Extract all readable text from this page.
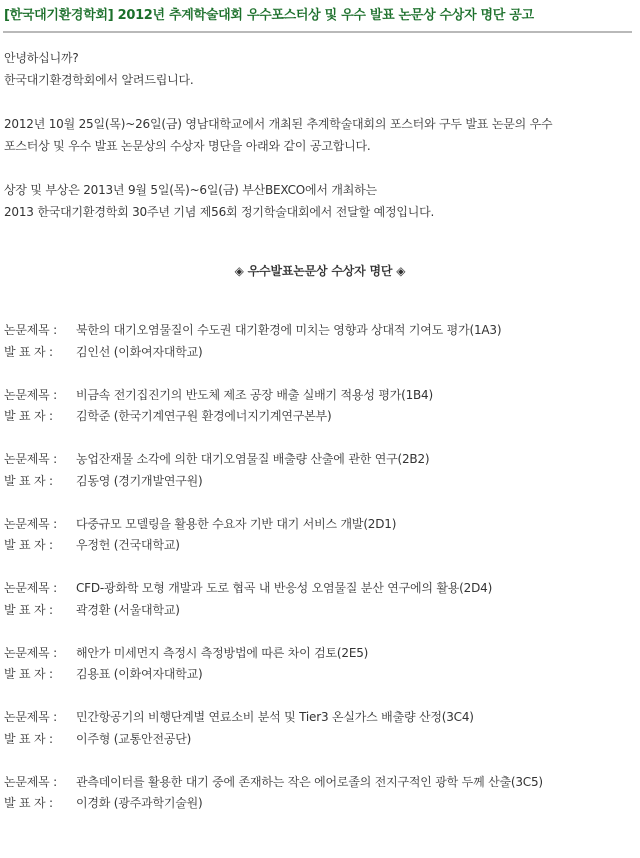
[한국대기환경학회] 2012년 추계학술대회 우수포스터상 및 우수 발표 논문상 수상자 명단 공고

안녕하십니까?

한국대기환경학회에서 알려드립니다.

2012년 10월 25일(목)~26일(금) 영남대학교에서 개최된 추계학술대회의 포스터와 구두 발표 논문의 우수

포스터상 및 우수 발표 논문상의 수상자 명단을 아래와 같이 공고합니다.

상장 및 부상은 2013년 9월 5일(목)~6일(금) 부산BEXCO에서 개최하는

2013 한국대기환경학회 30주년 기념 제56회 정기학술대회에서 전달할 예정입니다.

◈ 우수발표논문상 수상자 명단 ◈
논문제목 :	북한의 대기오염물질이 수도권 대기환경에 미치는 영향과 상대적 기여도 평가(1A3)
발 표 자 :	김인선 (이화여자대학교)
논문제목 :	비금속 전기집진기의 반도체 제조 공장 배출 실배기 적용성 평가(1B4)
발 표 자 :	김학준 (한국기계연구원 환경에너지기계연구본부)
논문제목 :	농업잔재물 소각에 의한 대기오염물질 배출량 산출에 관한 연구(2B2)
발 표 자 :	김동영 (경기개발연구원)
논문제목 :	다중규모 모델링을 활용한 수요자 기반 대기 서비스 개발(2D1)
발 표 자 :	우정헌 (건국대학교)
논문제목 :	CFD-광화학 모형 개발과 도로 협곡 내 반응성 오염물질 분산 연구에의 활용(2D4)
발 표 자 :	곽경환 (서울대학교)
논문제목 :	해안가 미세먼지 측정시 측정방법에 따른 차이 검토(2E5)
발 표 자 :	김용표 (이화여자대학교)
논문제목 :	민간항공기의 비행단계별 연료소비 분석 및 Tier3 온실가스 배출량 산정(3C4)
발 표 자 :	이주형 (교통안전공단)
논문제목 :	관측데이터를 활용한 대기 중에 존재하는 작은 에어로졸의 전지구적인 광학 두께 산출(3C5)
발 표 자 :	이경화 (광주과학기술원)
